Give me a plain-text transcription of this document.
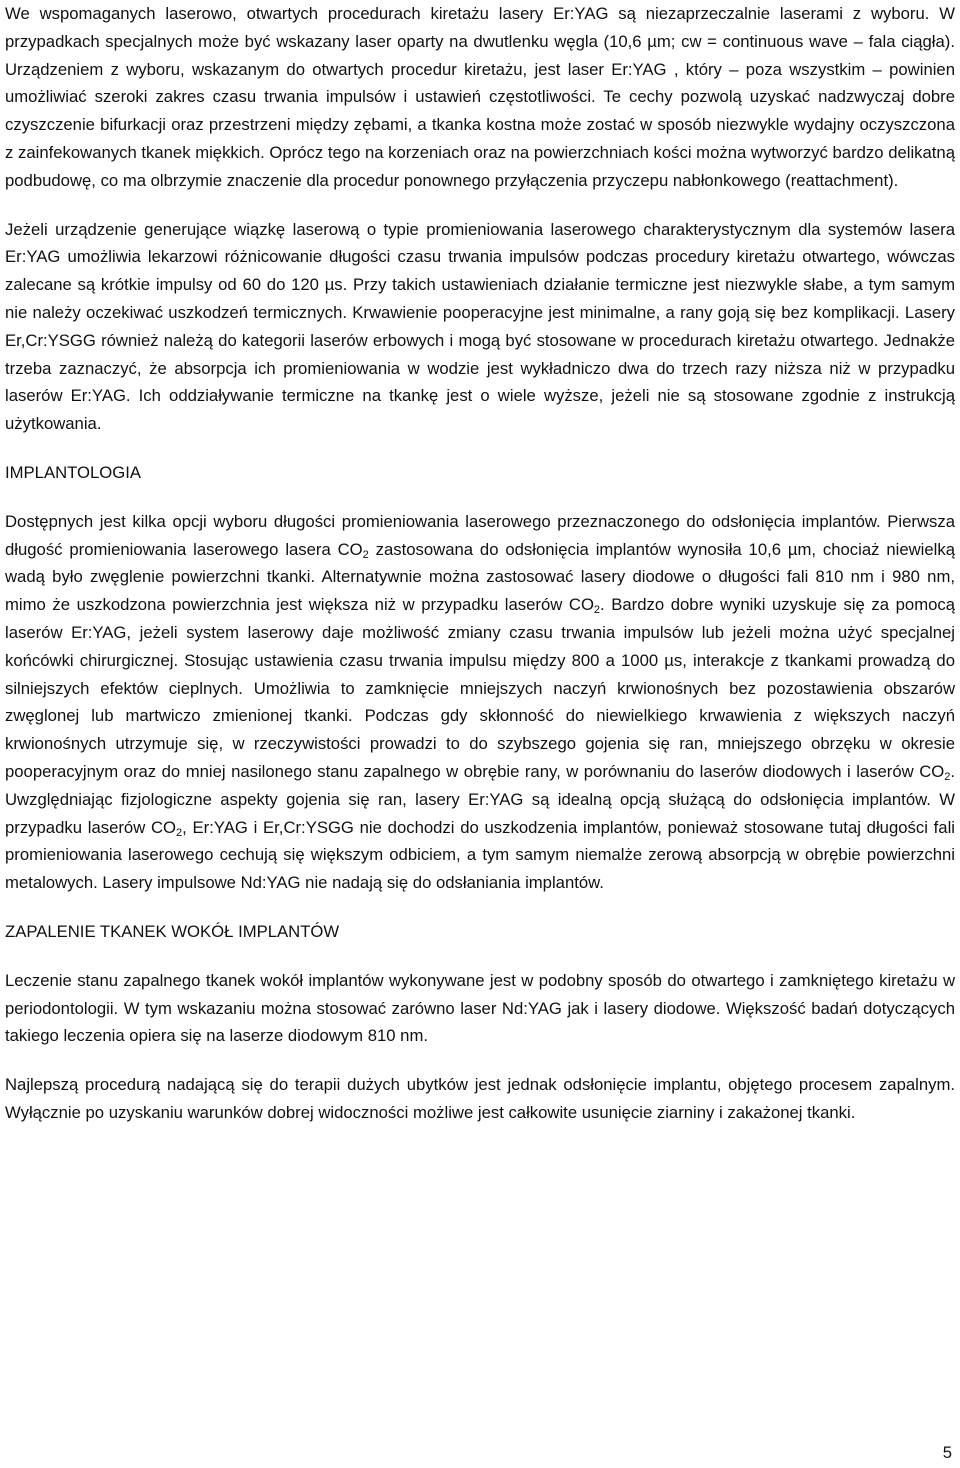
We wspomaganych laserowo, otwartych procedurach kiretażu lasery Er:YAG są niezaprzeczalnie laserami z wyboru. W przypadkach specjalnych może być wskazany laser oparty na dwutlenku węgla (10,6 µm; cw = continuous wave – fala ciągła). Urządzeniem z wyboru, wskazanym do otwartych procedur kiretażu, jest laser Er:YAG , który – poza wszystkim – powinien umożliwiać szeroki zakres czasu trwania impulsów i ustawień częstotliwości. Te cechy pozwolą uzyskać nadzwyczaj dobre czyszczenie bifurkacji oraz przestrzeni między zębami, a tkanka kostna może zostać w sposób niezwykle wydajny oczyszczona z zainfekowanych tkanek miękkich. Oprócz tego na korzeniach oraz na powierzchniach kości można wytworzyć bardzo delikatną podbudowę, co ma olbrzymie znaczenie dla procedur ponownego przyłączenia przyczepu nabłonkowego (reattachment).

Jeżeli urządzenie generujące wiązkę laserową o typie promieniowania laserowego charakterystycznym dla systemów lasera Er:YAG umożliwia lekarzowi różnicowanie długości czasu trwania impulsów podczas procedury kiretażu otwartego, wówczas zalecane są krótkie impulsy od 60 do 120 µs. Przy takich ustawieniach działanie termiczne jest niezwykle słabe, a tym samym nie należy oczekiwać uszkodzeń termicznych. Krwawienie pooperacyjne jest minimalne, a rany goją się bez komplikacji. Lasery Er,Cr:YSGG również należą do kategorii laserów erbowych i mogą być stosowane w procedurach kiretażu otwartego. Jednakże trzeba zaznaczyć, że absorpcja ich promieniowania w wodzie jest wykładniczo dwa do trzech razy niższa niż w przypadku laserów Er:YAG. Ich oddziaływanie termiczne na tkankę jest o wiele wyższe, jeżeli nie są stosowane zgodnie z instrukcją użytkowania.

IMPLANTOLOGIA

Dostępnych jest kilka opcji wyboru długości promieniowania laserowego przeznaczonego do odsłonięcia implantów. Pierwsza długość promieniowania laserowego lasera $CO_2$ zastosowana do odsłonięcia implantów wynosiła 10,6 µm, chociaż niewielką wadą było zwęglenie powierzchni tkanki. Alternatywnie można zastosować lasery diodowe o długości fali 810 nm i 980 nm, mimo że uszkodzona powierzchnia jest większa niż w przypadku laserów $CO_2$. Bardzo dobre wyniki uzyskuje się za pomocą laserów Er:YAG, jeżeli system laserowy daje możliwość zmiany czasu trwania impulsów lub jeżeli można użyć specjalnej końcówki chirurgicznej. Stosując ustawienia czasu trwania impulsu między 800 a 1000 µs, interakcje z tkankami prowadzą do silniejszych efektów cieplnych. Umożliwia to zamknięcie mniejszych naczyń krwionośnych bez pozostawienia obszarów zwęglonej lub martwiczo zmienionej tkanki. Podczas gdy skłonność do niewielkiego krwawienia z większych naczyń krwionośnych utrzymuje się, w rzeczywistości prowadzi to do szybszego gojenia się ran, mniejszego obrzęku w okresie pooperacyjnym oraz do mniej nasilonego stanu zapalnego w obrębie rany, w porównaniu do laserów diodowych i laserów $CO_2$. Uwzględniając fizjologiczne aspekty gojenia się ran, lasery Er:YAG są idealną opcją służącą do odsłonięcia implantów. W przypadku laserów $CO_2$, Er:YAG i Er,Cr:YSGG nie dochodzi do uszkodzenia implantów, ponieważ stosowane tutaj długości fali promieniowania laserowego cechują się większym odbiciem, a tym samym niemalże zerową absorpcją w obrębie powierzchni metalowych. Lasery impulsowe Nd:YAG nie nadają się do odsłaniania implantów.

ZAPALENIE TKANEK WOKÓŁ IMPLANTÓW

Leczenie stanu zapalnego tkanek wokół implantów wykonywane jest w podobny sposób do otwartego i zamkniętego kiretażu w periodontologii. W tym wskazaniu można stosować zarówno laser Nd:YAG jak i lasery diodowe. Większość badań dotyczących takiego leczenia opiera się na laserze diodowym 810 nm.

Najlepszą procedurą nadającą się do terapii dużych ubytków jest jednak odsłonięcie implantu, objętego procesem zapalnym. Wyłącznie po uzyskaniu warunków dobrej widoczności możliwe jest całkowite usunięcie ziarniny i zakażonej tkanki.

5
